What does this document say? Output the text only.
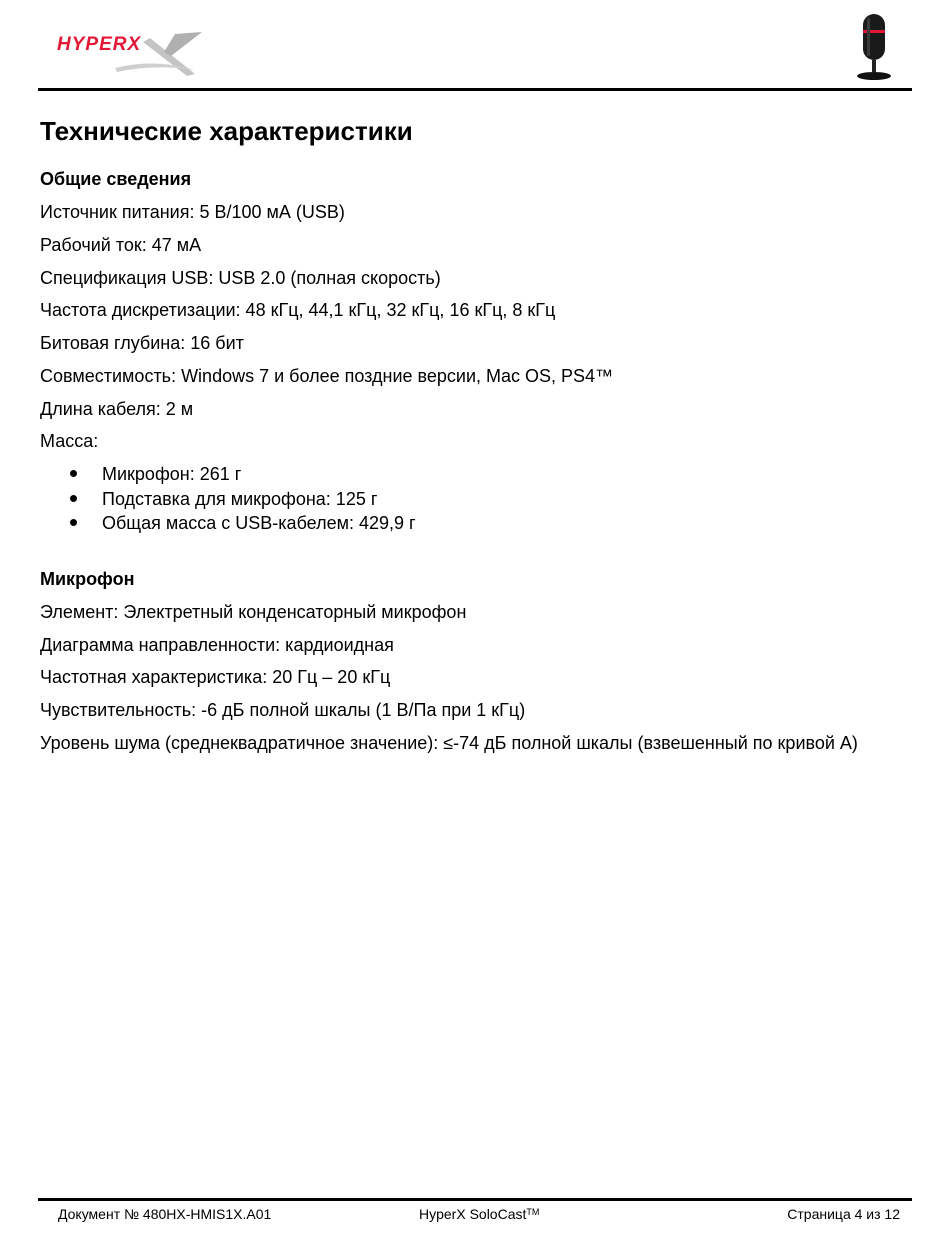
HYPERX
Технические характеристики
Общие сведения

Источник питания: 5 В/100 мА (USB)

Рабочий ток: 47 мА

Спецификация USB: USB 2.0 (полная скорость)

Частота дискретизации: 48 кГц, 44,1 кГц, 32 кГц, 16 кГц, 8 кГц

Битовая глубина: 16 бит

Совместимость: Windows 7 и более поздние версии, Mac OS, PS4™

Длина кабеля: 2 м

Масса:

Микрофон: 261 г
Подставка для микрофона: 125 г
Общая масса с USB-кабелем: 429,9 г
Микрофон

Элемент: Электретный конденсаторный микрофон

Диаграмма направленности: кардиоидная

Частотная характеристика: 20 Гц – 20 кГц

Чувствительность: -6 дБ полной шкалы (1 В/Па при 1 кГц)

Уровень шума (среднеквадратичное значение): ≤-74 дБ полной шкалы (взвешенный по кривой A)

Документ № 480HX-HMIS1X.A01	HyperX SoloCast™	Страница 4 из 12
